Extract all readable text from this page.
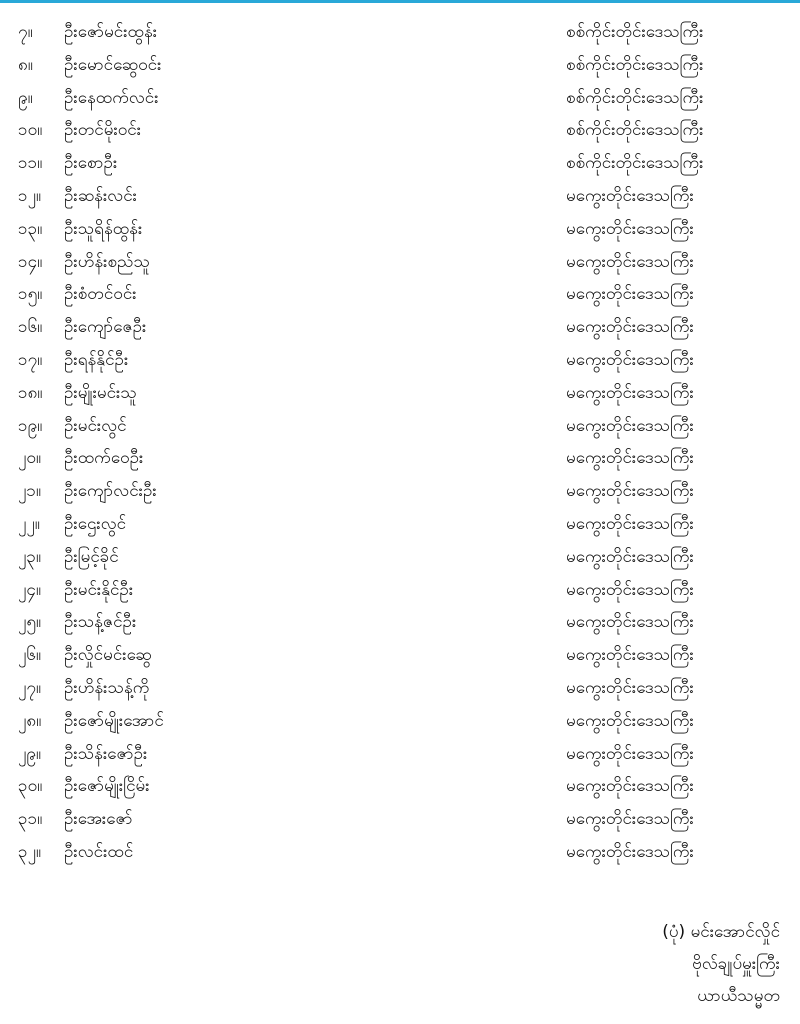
၇။	ဦးဇော်မင်းထွန်း	စစ်ကိုင်းတိုင်းဒေသကြီး
၈။	ဦးမောင်ဆွေဝင်း	စစ်ကိုင်းတိုင်းဒေသကြီး
၉။	ဦးနေထက်လင်း	စစ်ကိုင်းတိုင်းဒေသကြီး
၁၀။	ဦးတင်မိုးဝင်း	စစ်ကိုင်းတိုင်းဒေသကြီး
၁၁။	ဦးစောဦး	စစ်ကိုင်းတိုင်းဒေသကြီး
၁၂။	ဦးဆန်းလင်း	မကွေးတိုင်းဒေသကြီး
၁၃။	ဦးသူရိန်ထွန်း	မကွေးတိုင်းဒေသကြီး
၁၄။	ဦးဟိန်းစည်သူ	မကွေးတိုင်းဒေသကြီး
၁၅။	ဦးစံတင်ဝင်း	မကွေးတိုင်းဒေသကြီး
၁၆။	ဦးကျော်ဇေဦး	မကွေးတိုင်းဒေသကြီး
၁၇။	ဦးရန်နိုင်ဦး	မကွေးတိုင်းဒေသကြီး
၁၈။	ဦးမျိုးမင်းသူ	မကွေးတိုင်းဒေသကြီး
၁၉။	ဦးမင်းလွင်	မကွေးတိုင်းဒေသကြီး
၂၀။	ဦးထက်ဝေဦး	မကွေးတိုင်းဒေသကြီး
၂၁။	ဦးကျော်လင်းဦး	မကွေးတိုင်းဒေသကြီး
၂၂။	ဦးဌေးလွင်	မကွေးတိုင်းဒေသကြီး
၂၃။	ဦးမြင့်ခိုင်	မကွေးတိုင်းဒေသကြီး
၂၄။	ဦးမင်းနိုင်ဦး	မကွေးတိုင်းဒေသကြီး
၂၅။	ဦးသန့်ဇင်ဦး	မကွေးတိုင်းဒေသကြီး
၂၆။	ဦးလှိုင်မင်းဆွေ	မကွေးတိုင်းဒေသကြီး
၂၇။	ဦးဟိန်းသန့်ကို	မကွေးတိုင်းဒေသကြီး
၂၈။	ဦးဇော်မျိုးအောင်	မကွေးတိုင်းဒေသကြီး
၂၉။	ဦးသိန်းဇော်ဦး	မကွေးတိုင်းဒေသကြီး
၃၀။	ဦးဇော်မျိုးငြိမ်း	မကွေးတိုင်းဒေသကြီး
၃၁။	ဦးအေးဇော်	မကွေးတိုင်းဒေသကြီး
၃၂။	ဦးလင်းထင်	မကွေးတိုင်းဒေသကြီး
(ပုံ) မင်းအောင်လှိုင်
ဗိုလ်ချုပ်မှူးကြီး
ယာယီသမ္မတ
